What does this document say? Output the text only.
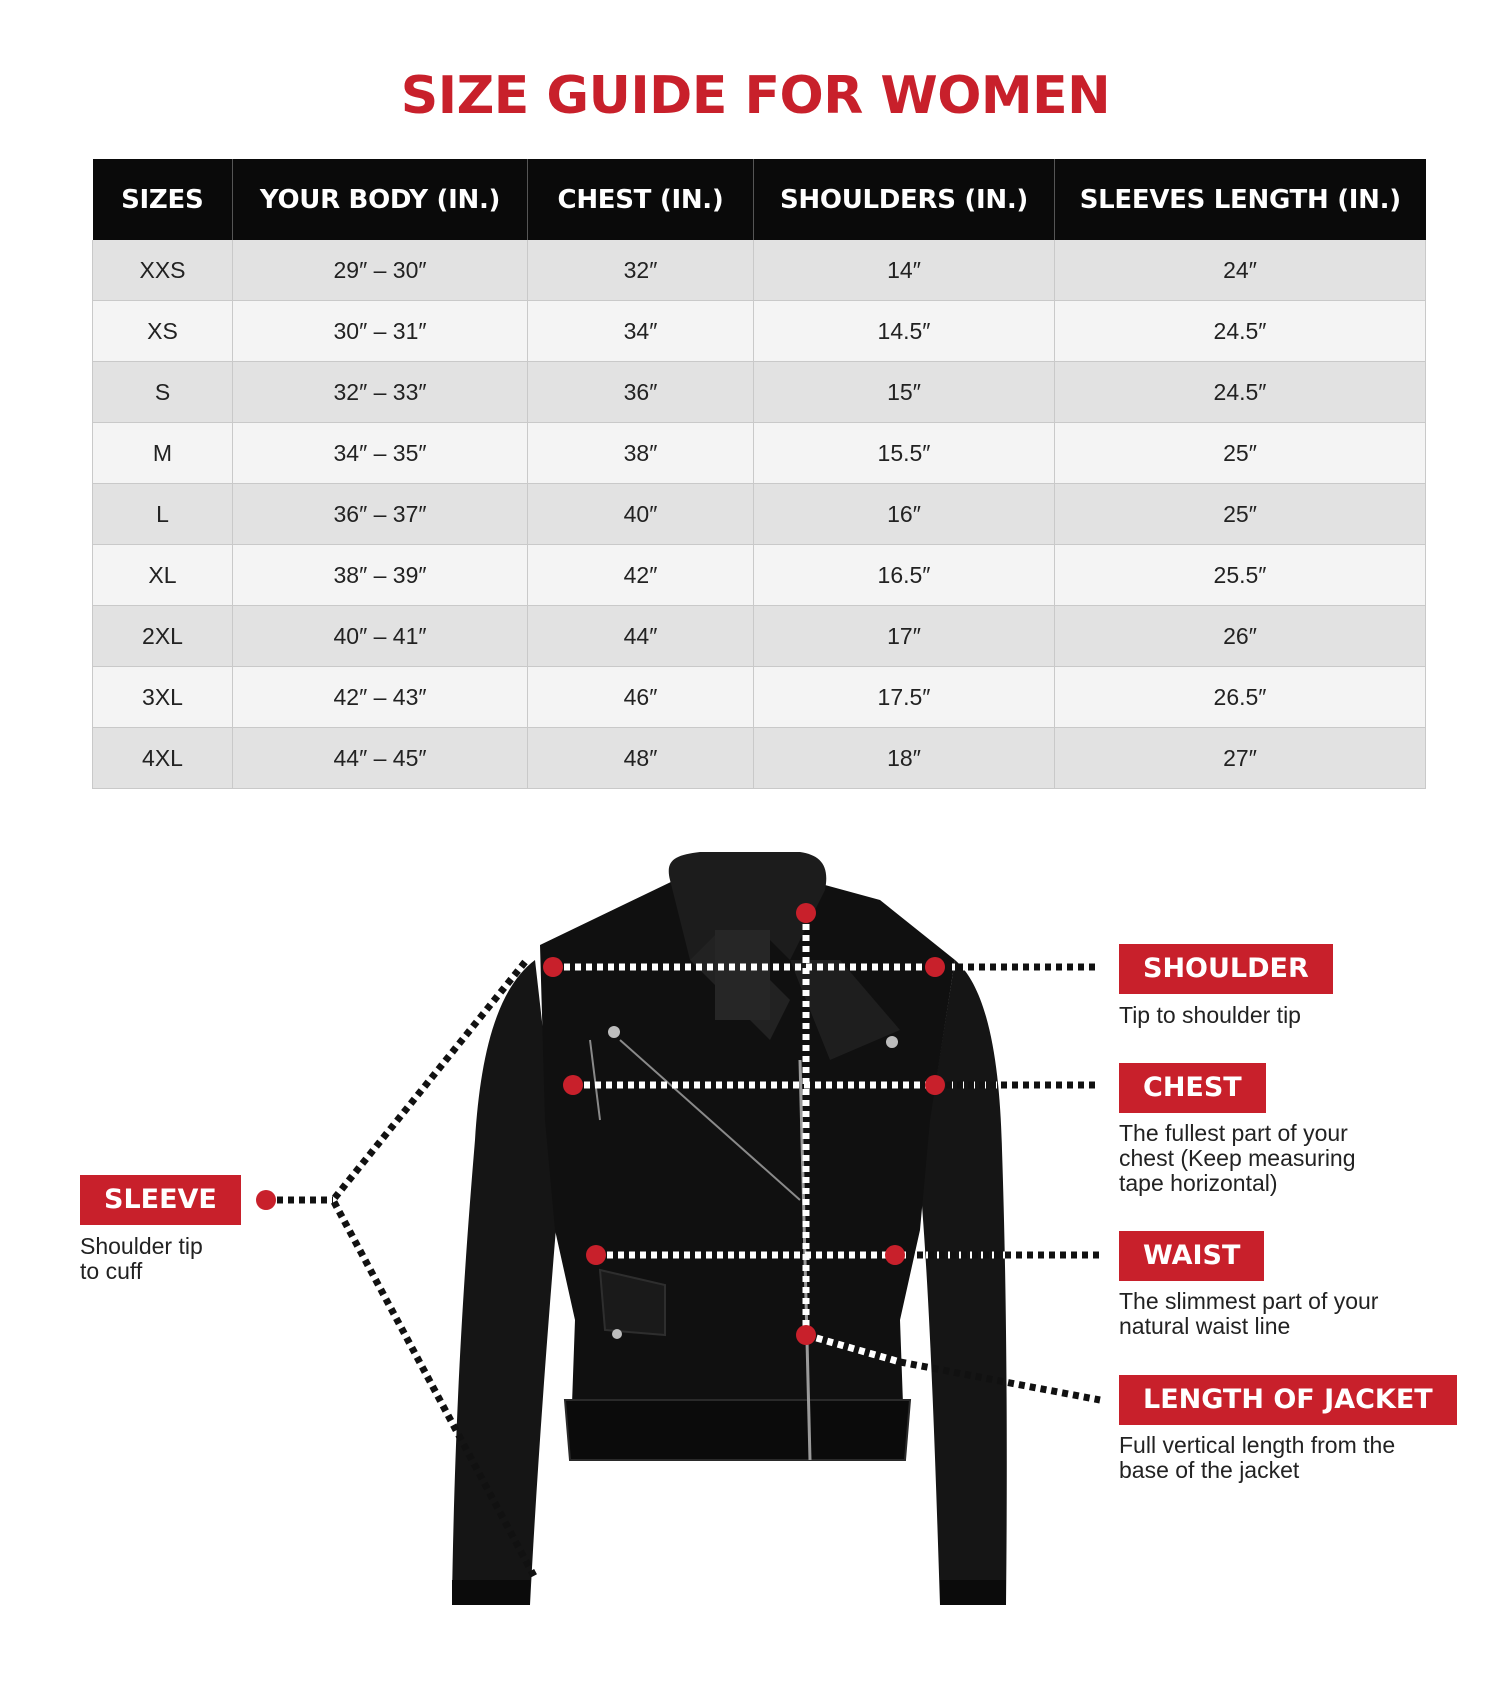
SIZE GUIDE FOR WOMEN
SIZES	YOUR BODY (IN.)	CHEST (IN.)	SHOULDERS (IN.)	SLEEVES LENGTH (IN.)
XXS	29″ – 30″	32″	14″	24″
XS	30″ – 31″	34″	14.5″	24.5″
S	32″ – 33″	36″	15″	24.5″
M	34″ – 35″	38″	15.5″	25″
L	36″ – 37″	40″	16″	25″
XL	38″ – 39″	42″	16.5″	25.5″
2XL	40″ – 41″	44″	17″	26″
3XL	42″ – 43″	46″	17.5″	26.5″
4XL	44″ – 45″	48″	18″	27″
SLEEVE
Shoulder tip to cuff
SHOULDER
Tip to shoulder tip
CHEST
The fullest part of your chest (Keep measuring tape horizontal)
WAIST
The slimmest part of your natural waist line
LENGTH OF JACKET
Full vertical length from the base of the jacket
